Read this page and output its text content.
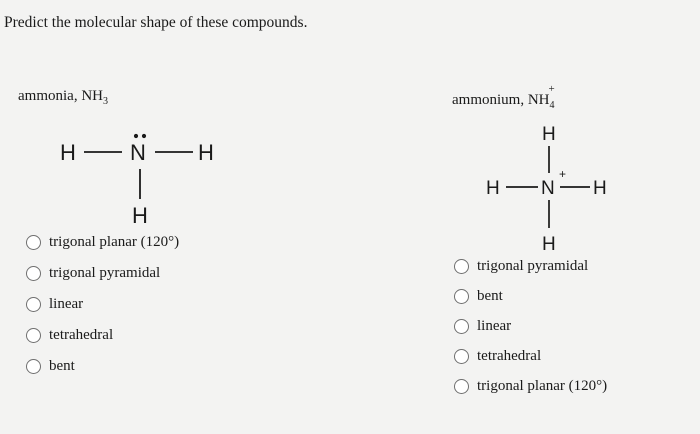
Predict the molecular shape of these compounds.
ammonia, $NH_3$
H N H
H
trigonal planar (120°)
trigonal pyramidal
linear
tetrahedral
bent
ammonium, $NH_4^+$
H
H N
+
H
H
trigonal pyramidal
bent
linear
tetrahedral
trigonal planar (120°)
